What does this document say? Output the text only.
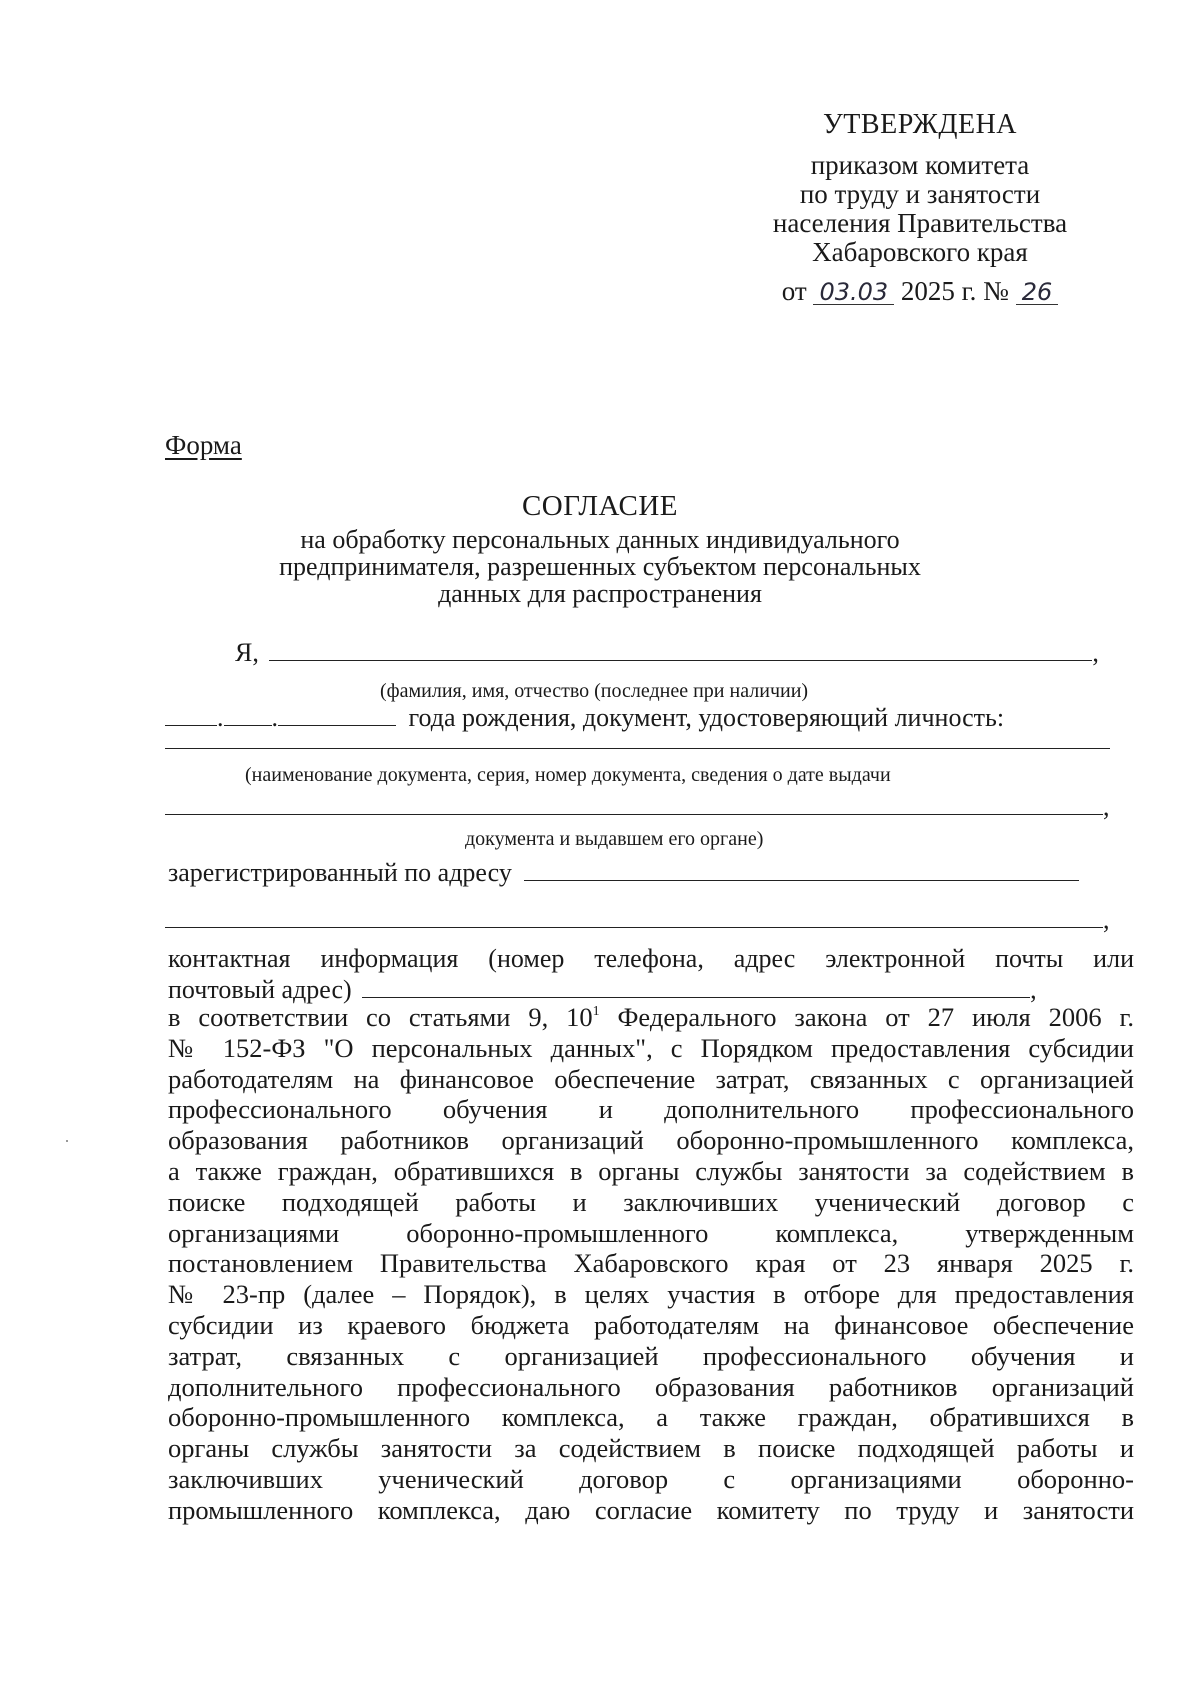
УТВЕРЖДЕНА
приказом комитета
по труду и занятости
населения Правительства
Хабаровского края
от 03.03 2025 г. № 26
Форма
СОГЛАСИЕ
на обработку персональных данных индивидуального
предпринимателя, разрешенных субъектом персональных
данных для распространения
Я,	,
(фамилия, имя, отчество (последнее при наличии)
. .	года рождения, документ, удостоверяющий личность:
(наименование документа, серия, номер документа, сведения о дате выдачи
,
документа и выдавшем его органе)
зарегистрированный по адресу
,
контактная информация (номер телефона, адрес электронной почты или
почтовый адрес)	,
в соответствии со статьями 9, $10^1$ Федерального закона от 27 июля 2006 г.
№ 152-ФЗ "О персональных данных", с Порядком предоставления субсидии
работодателям на финансовое обеспечение затрат, связанных с организацией
профессионального обучения и дополнительного профессионального
образования работников организаций оборонно-промышленного комплекса,
а также граждан, обратившихся в органы службы занятости за содействием в
поиске подходящей работы и заключивших ученический договор с
организациями оборонно-промышленного комплекса, утвержденным
постановлением Правительства Хабаровского края от 23 января 2025 г.
№ 23-пр (далее – Порядок), в целях участия в отборе для предоставления
субсидии из краевого бюджета работодателям на финансовое обеспечение
затрат, связанных с организацией профессионального обучения и
дополнительного профессионального образования работников организаций
оборонно-промышленного комплекса, а также граждан, обратившихся в
органы службы занятости за содействием в поиске подходящей работы и
заключивших ученический договор с организациями оборонно-
промышленного комплекса, даю согласие комитету по труду и занятости
